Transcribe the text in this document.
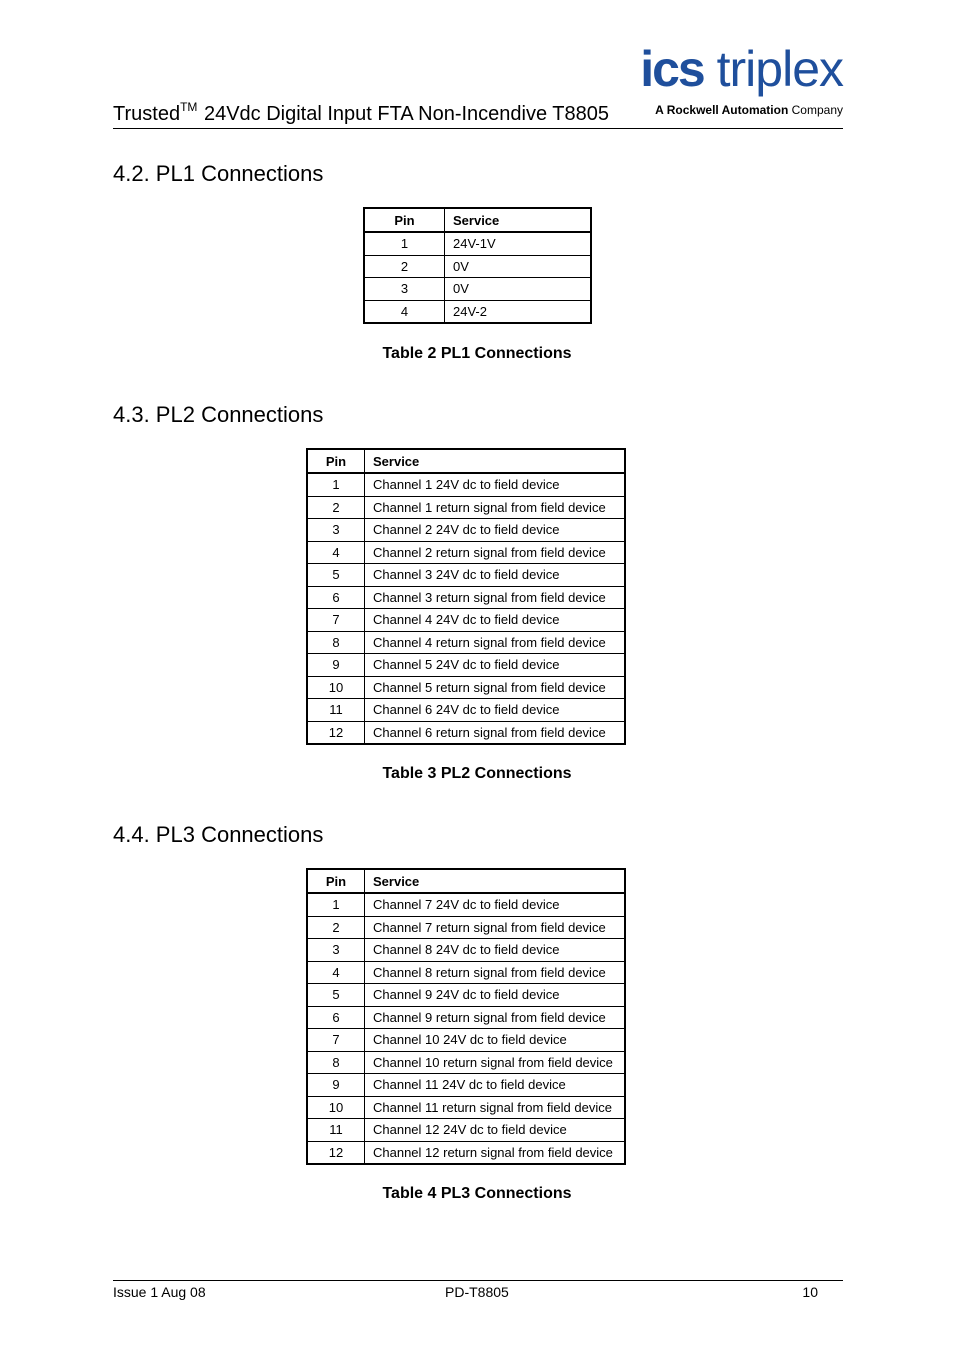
Trusted™ 24Vdc Digital Input FTA Non-Incendive T8805
ics triplex
A Rockwell Automation Company
4.2. PL1 Connections
Pin	Service
1	24V-1V
2	0V
3	0V
4	24V-2
Table 2 PL1 Connections
4.3. PL2 Connections
Pin	Service
1	Channel 1 24V dc to field device
2	Channel 1 return signal from field device
3	Channel 2 24V dc to field device
4	Channel 2 return signal from field device
5	Channel 3 24V dc to field device
6	Channel 3 return signal from field device
7	Channel 4 24V dc to field device
8	Channel 4 return signal from field device
9	Channel 5 24V dc to field device
10	Channel 5 return signal from field device
11	Channel 6 24V dc to field device
12	Channel 6 return signal from field device
Table 3 PL2 Connections
4.4. PL3 Connections
Pin	Service
1	Channel 7 24V dc to field device
2	Channel 7 return signal from field device
3	Channel 8 24V dc to field device
4	Channel 8 return signal from field device
5	Channel 9 24V dc to field device
6	Channel 9 return signal from field device
7	Channel 10 24V dc to field device
8	Channel 10 return signal from field device
9	Channel 11 24V dc to field device
10	Channel 11 return signal from field device
11	Channel 12 24V dc to field device
12	Channel 12 return signal from field device
Table 4 PL3 Connections
Issue 1 Aug 08	PD-T8805	10
